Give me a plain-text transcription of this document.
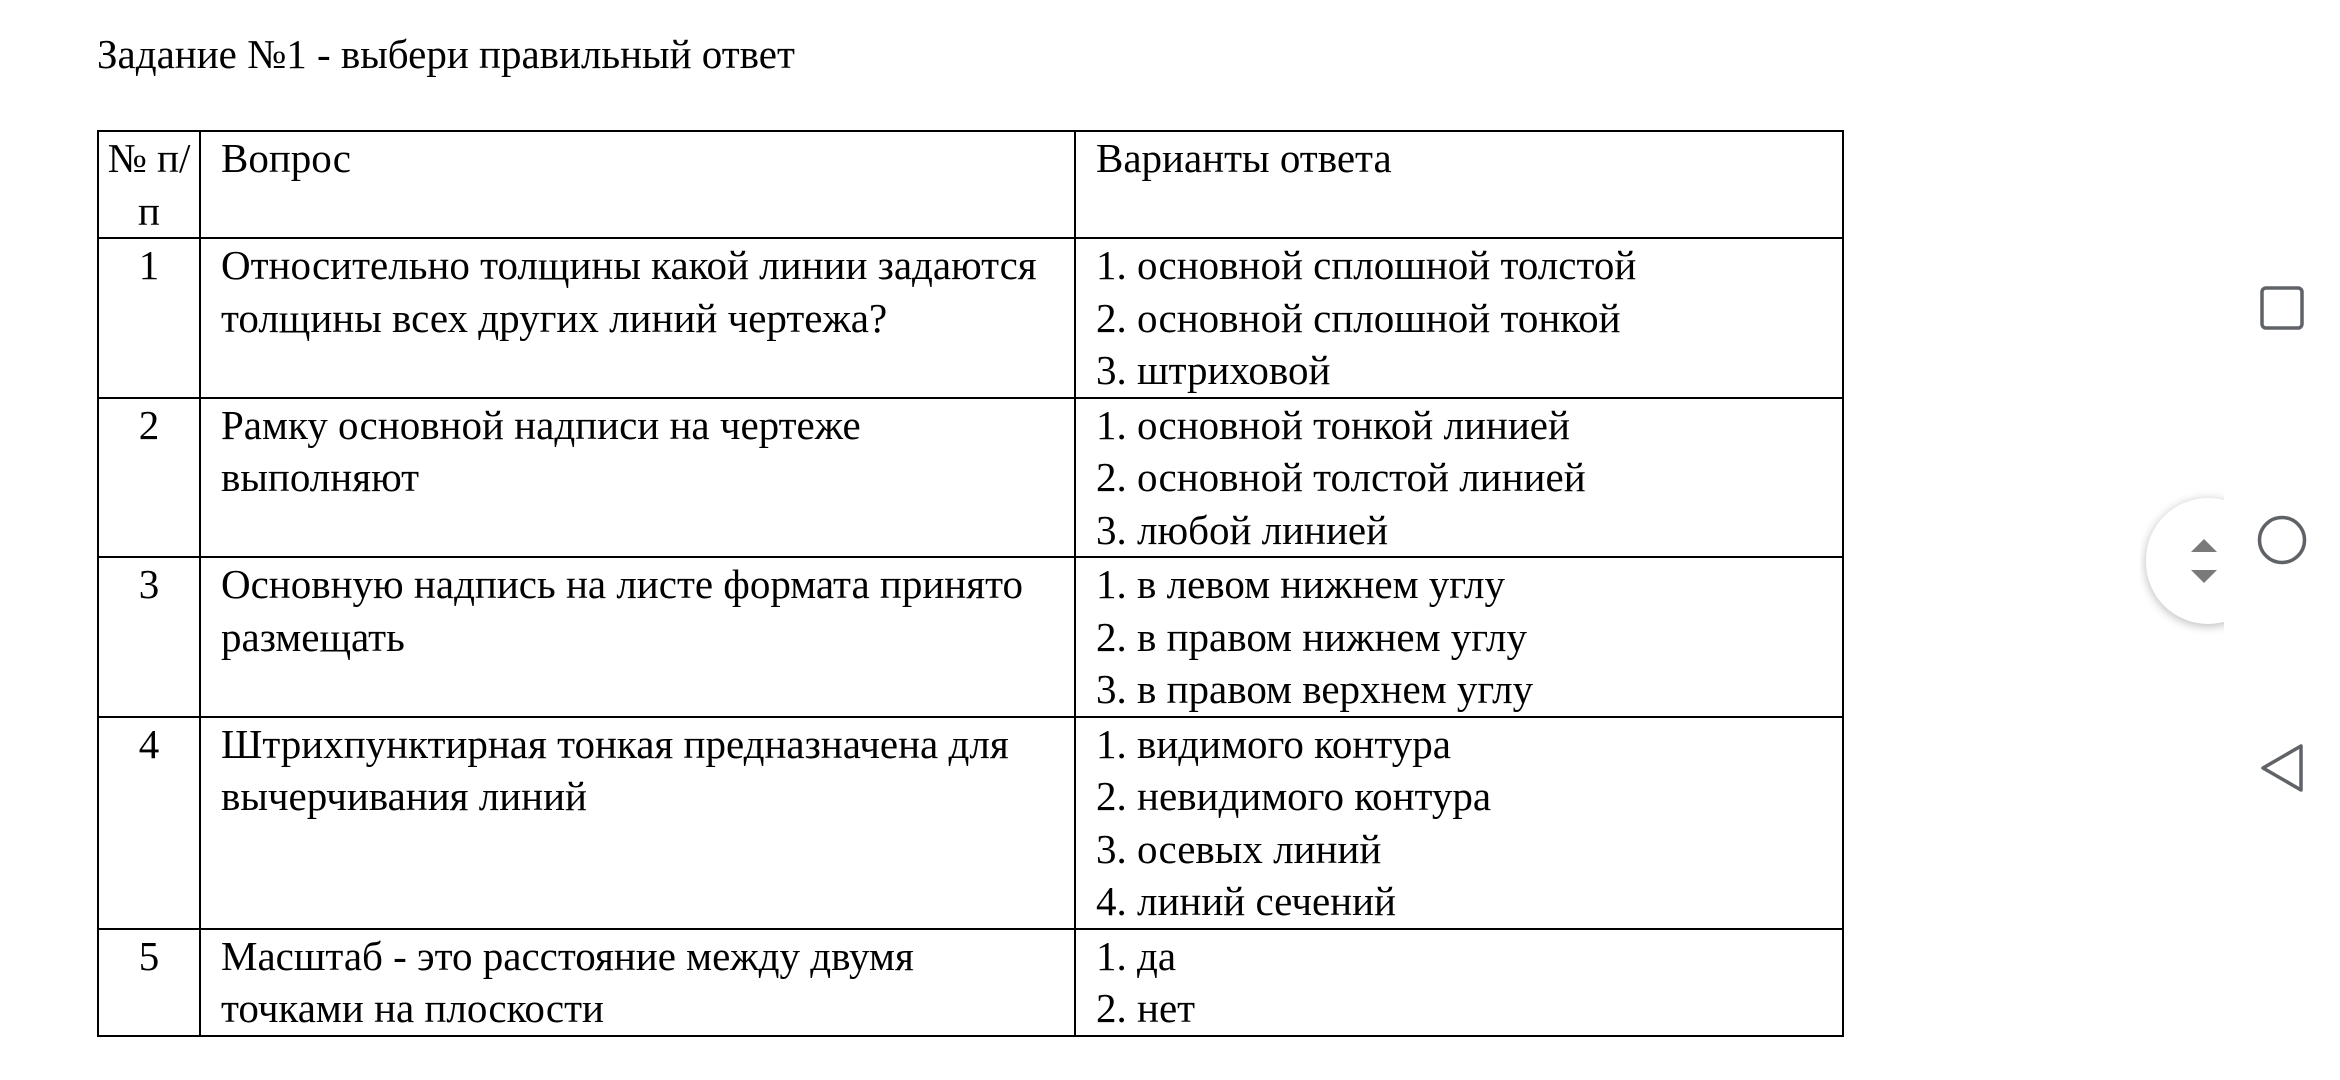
Задание №1 - выбери правильный ответ
№ п/п	Вопрос	Варианты ответа
1	Относительно толщины какой линии задаются толщины всех других линий чертежа?	1. основной сплошной толстой
2. основной сплошной тонкой
3. штриховой

2	Рамку основной надписи на чертеже выполняют	1. основной тонкой линией
2. основной толстой линией
3. любой линией

3	Основную надпись на листе формата принято размещать	1. в левом нижнем углу
2. в правом нижнем углу
3. в правом верхнем углу

4	Штрихпунктирная тонкая предназначена для вычерчивания линий	1. видимого контура
2. невидимого контура
3. осевых линий
4. линий сечений

5	Масштаб - это расстояние между двумя точками на плоскости	1. да
2. нет
